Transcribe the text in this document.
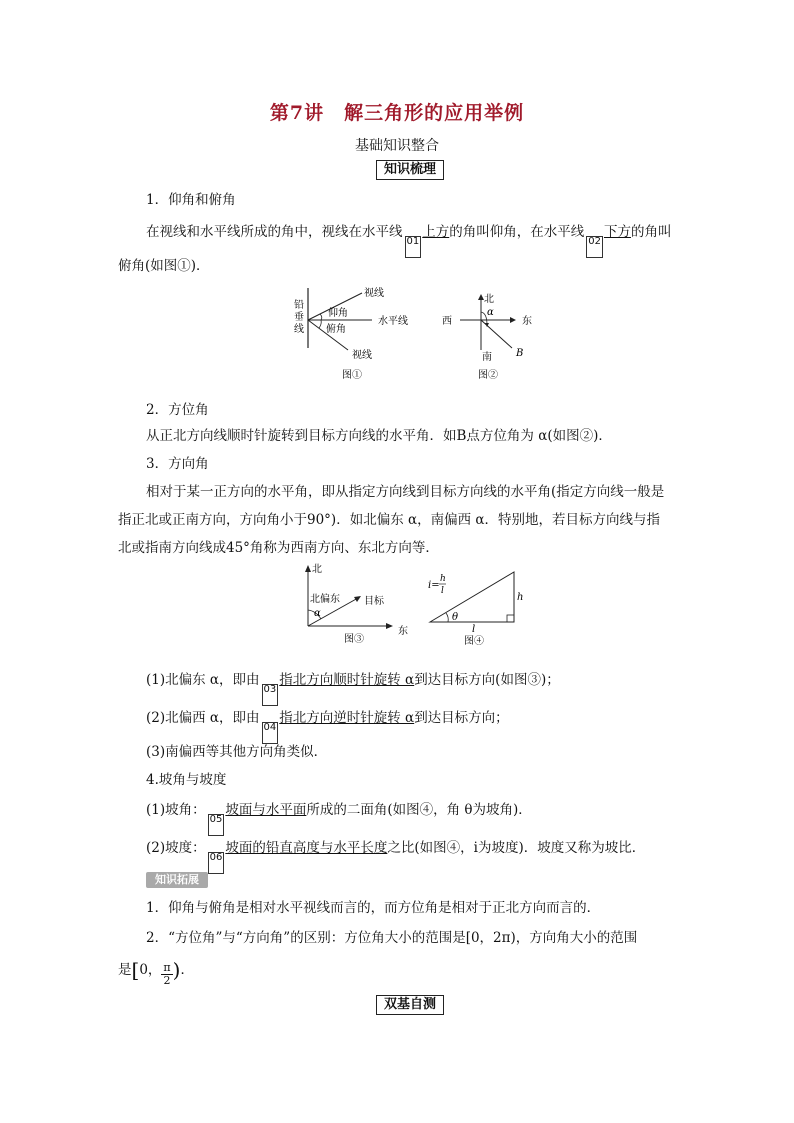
第7讲　解三角形的应用举例
基础知识整合
知识梳理
1．仰角和俯角
在视线和水平线所成的角中，视线在水平线01上方的角叫仰角，在水平线02下方的角叫
俯角(如图①)．
铅
垂
线
视线
仰角
水平线
俯角
视线
图①
北
西	东
南
α
B
图②
2．方位角
从正北方向线顺时针旋转到目标方向线的水平角．如B点方位角为 α(如图②)．
3．方向角
相对于某一正方向的水平角，即从指定方向线到目标方向线的水平角(指定方向线一般是
指正北或正南方向，方向角小于90°)．如北偏东 α，南偏西 α．特别地，若目标方向线与指
北或指南方向线成45°角称为西南方向、东北方向等．
北
北偏东 目标
α
东
图③
i=
h
l
h
θ
l
图④
(1)北偏东 α，即由03指北方向顺时针旋转 α到达目标方向(如图③)；
(2)北偏西 α，即由04指北方向逆时针旋转 α到达目标方向；
(3)南偏西等其他方向角类似．
4.坡角与坡度
(1)坡角：05坡面与水平面所成的二面角(如图④，角 θ为坡角)．
(2)坡度：06坡面的铅直高度与水平长度之比(如图④，i为坡度)．坡度又称为坡比．
知识拓展
1．仰角与俯角是相对水平视线而言的，而方位角是相对于正北方向而言的．
2．“方位角”与“方向角”的区别：方位角大小的范围是[0，2π)，方向角大小的范围
是[0， $\frac{\pi}{2}$ )．
双基自测
